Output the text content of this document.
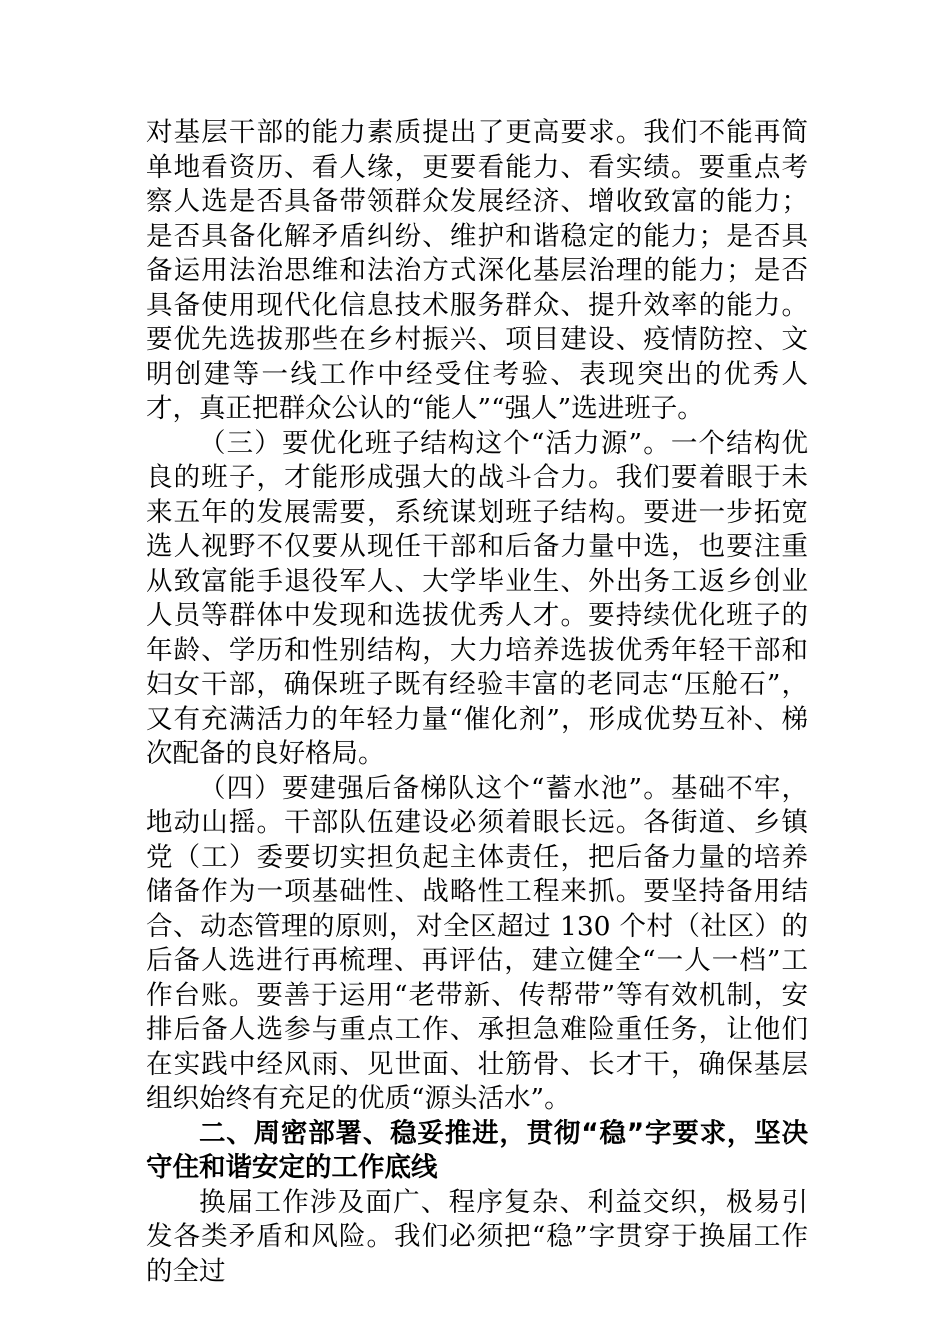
对基层干部的能力素质提出了更高要求。我们不能再简单地看资历、看人缘，更要看能力、看实绩。要重点考察人选是否具备带领群众发展经济、增收致富的能力；是否具备化解矛盾纠纷、维护和谐稳定的能力；是否具备运用法治思维和法治方式深化基层治理的能力；是否具备使用现代化信息技术服务群众、提升效率的能力。要优先选拔那些在乡村振兴、项目建设、疫情防控、文明创建等一线工作中经受住考验、表现突出的优秀人才，真正把群众公认的“能人”“强人”选进班子。

（三）要优化班子结构这个“活力源”。一个结构优良的班子，才能形成强大的战斗合力。我们要着眼于未来五年的发展需要，系统谋划班子结构。要进一步拓宽选人视野不仅要从现任干部和后备力量中选，也要注重从致富能手退役军人、大学毕业生、外出务工返乡创业人员等群体中发现和选拔优秀人才。要持续优化班子的年龄、学历和性别结构，大力培养选拔优秀年轻干部和妇女干部，确保班子既有经验丰富的老同志“压舱石”，又有充满活力的年轻力量“催化剂”，形成优势互补、梯次配备的良好格局。

（四）要建强后备梯队这个“蓄水池”。基础不牢，地动山摇。干部队伍建设必须着眼长远。各街道、乡镇党（工）委要切实担负起主体责任，把后备力量的培养储备作为一项基础性、战略性工程来抓。要坚持备用结合、动态管理的原则，对全区超过 130 个村（社区）的后备人选进行再梳理、再评估，建立健全“一人一档”工作台账。要善于运用“老带新、传帮带”等有效机制，安排后备人选参与重点工作、承担急难险重任务，让他们在实践中经风雨、见世面、壮筋骨、长才干，确保基层组织始终有充足的优质“源头活水”。

二、周密部署、稳妥推进，贯彻“稳”字要求，坚决守住和谐安定的工作底线

换届工作涉及面广、程序复杂、利益交织，极易引发各类矛盾和风险。我们必须把“稳”字贯穿于换届工作的全过
